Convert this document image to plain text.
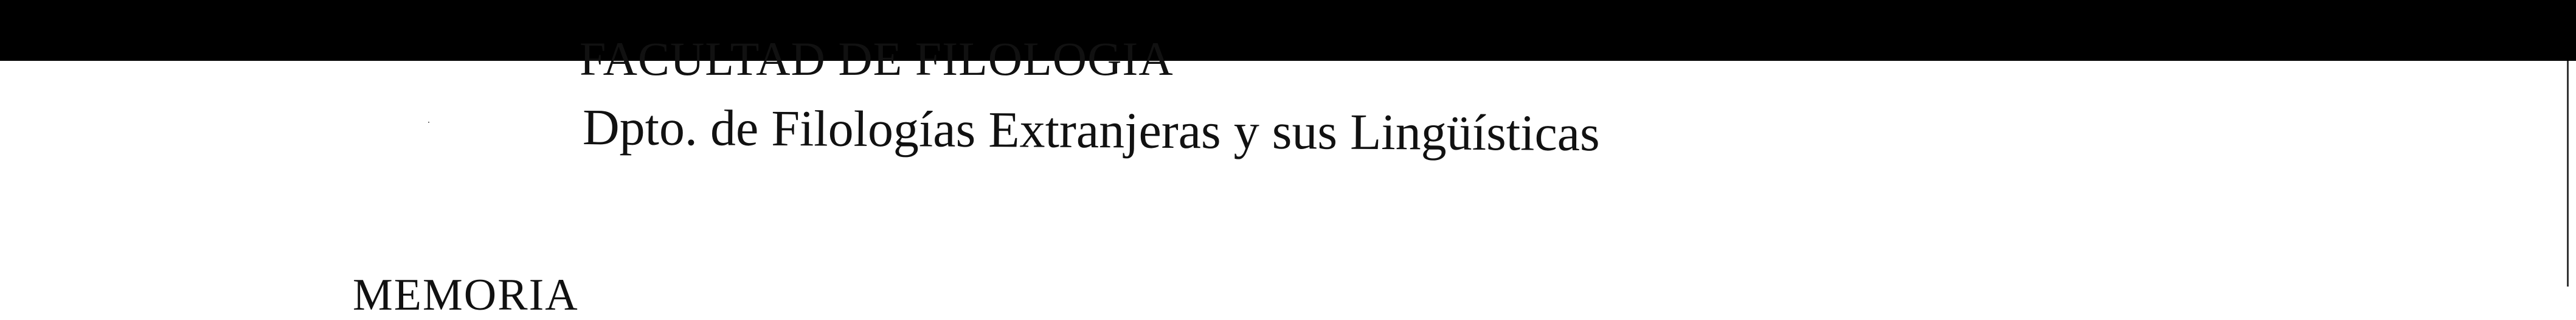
FACULTAD DE FILOLOGIA
Dpto. de Filologías Extranjeras y sus Lingüísticas
MEMORIA
